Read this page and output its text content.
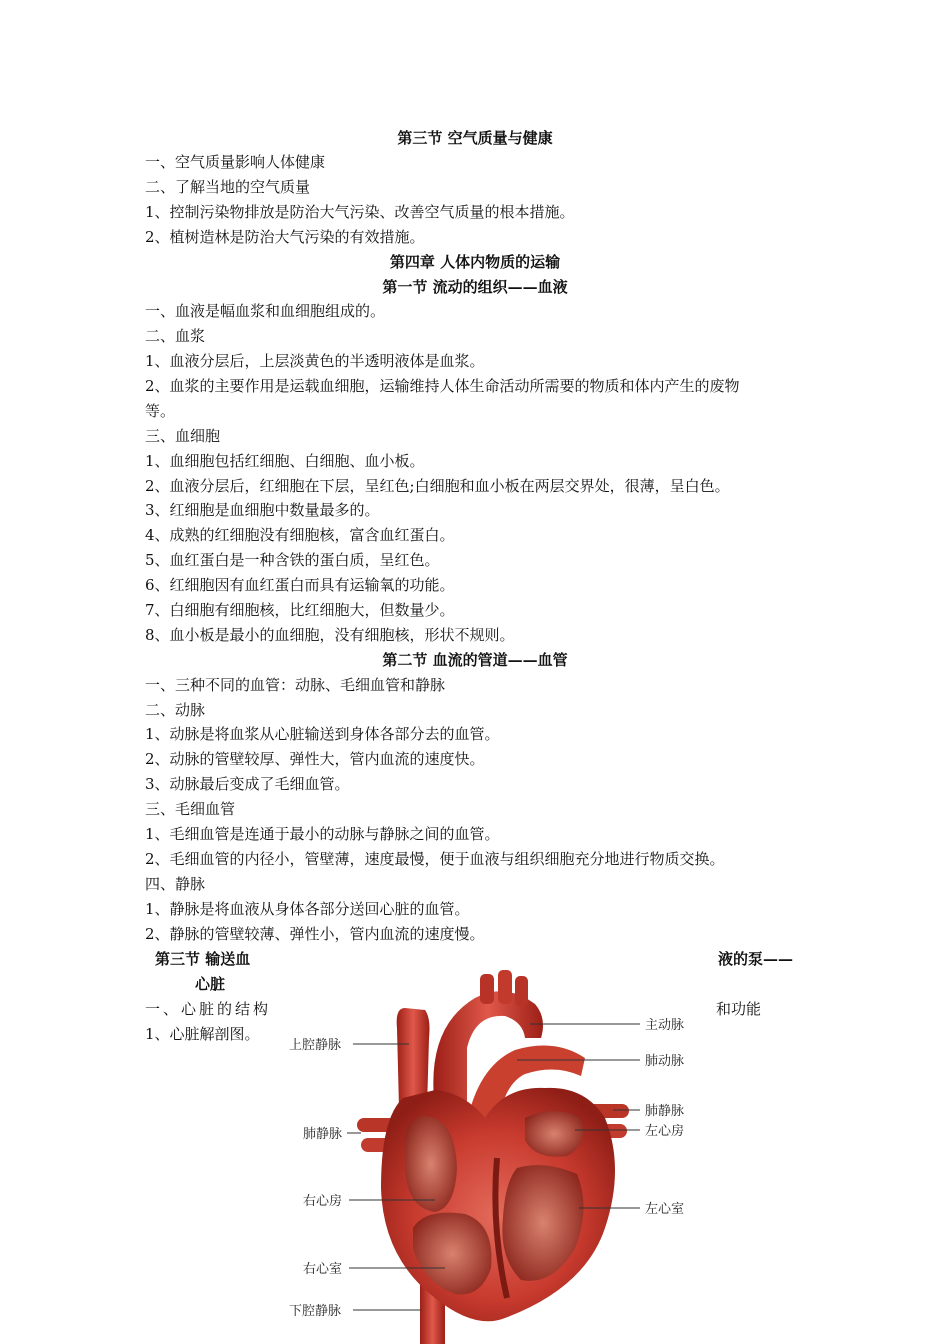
第三节 空气质量与健康
一、空气质量影响人体健康
二、了解当地的空气质量
1、控制污染物排放是防治大气污染、改善空气质量的根本措施。
2、植树造林是防治大气污染的有效措施。
第四章 人体内物质的运输
第一节 流动的组织——血液
一、血液是幅血浆和血细胞组成的。
二、血浆
1、血液分层后，上层淡黄色的半透明液体是血浆。
2、血浆的主要作用是运载血细胞，运输维持人体生命活动所需要的物质和体内产生的废物
等。
三、血细胞
1、血细胞包括红细胞、白细胞、血小板。
2、血液分层后，红细胞在下层，呈红色;白细胞和血小板在两层交界处，很薄，呈白色。
3、红细胞是血细胞中数量最多的。
4、成熟的红细胞没有细胞核，富含血红蛋白。
5、血红蛋白是一种含铁的蛋白质，呈红色。
6、红细胞因有血红蛋白而具有运输氧的功能。
7、白细胞有细胞核，比红细胞大，但数量少。
8、血小板是最小的血细胞，没有细胞核，形状不规则。
第二节 血流的管道——血管
一、三种不同的血管：动脉、毛细血管和静脉
二、动脉
1、动脉是将血浆从心脏输送到身体各部分去的血管。
2、动脉的管壁较厚、弹性大，管内血流的速度快。
3、动脉最后变成了毛细血管。
三、毛细血管
1、毛细血管是连通于最小的动脉与静脉之间的血管。
2、毛细血管的内径小，管壁薄，速度最慢，便于血液与组织细胞充分地进行物质交换。
四、静脉
1、静脉是将血液从身体各部分送回心脏的血管。
2、静脉的管壁较薄、弹性小，管内血流的速度慢。
第三节 输送血	液的泵——
心脏
一、心脏的结构	和功能
1、心脏解剖图。	主动脉
肺动脉
肺静脉
左心房
左心室
上腔静脉
肺静脉
右心房
右心室
下腔静脉
